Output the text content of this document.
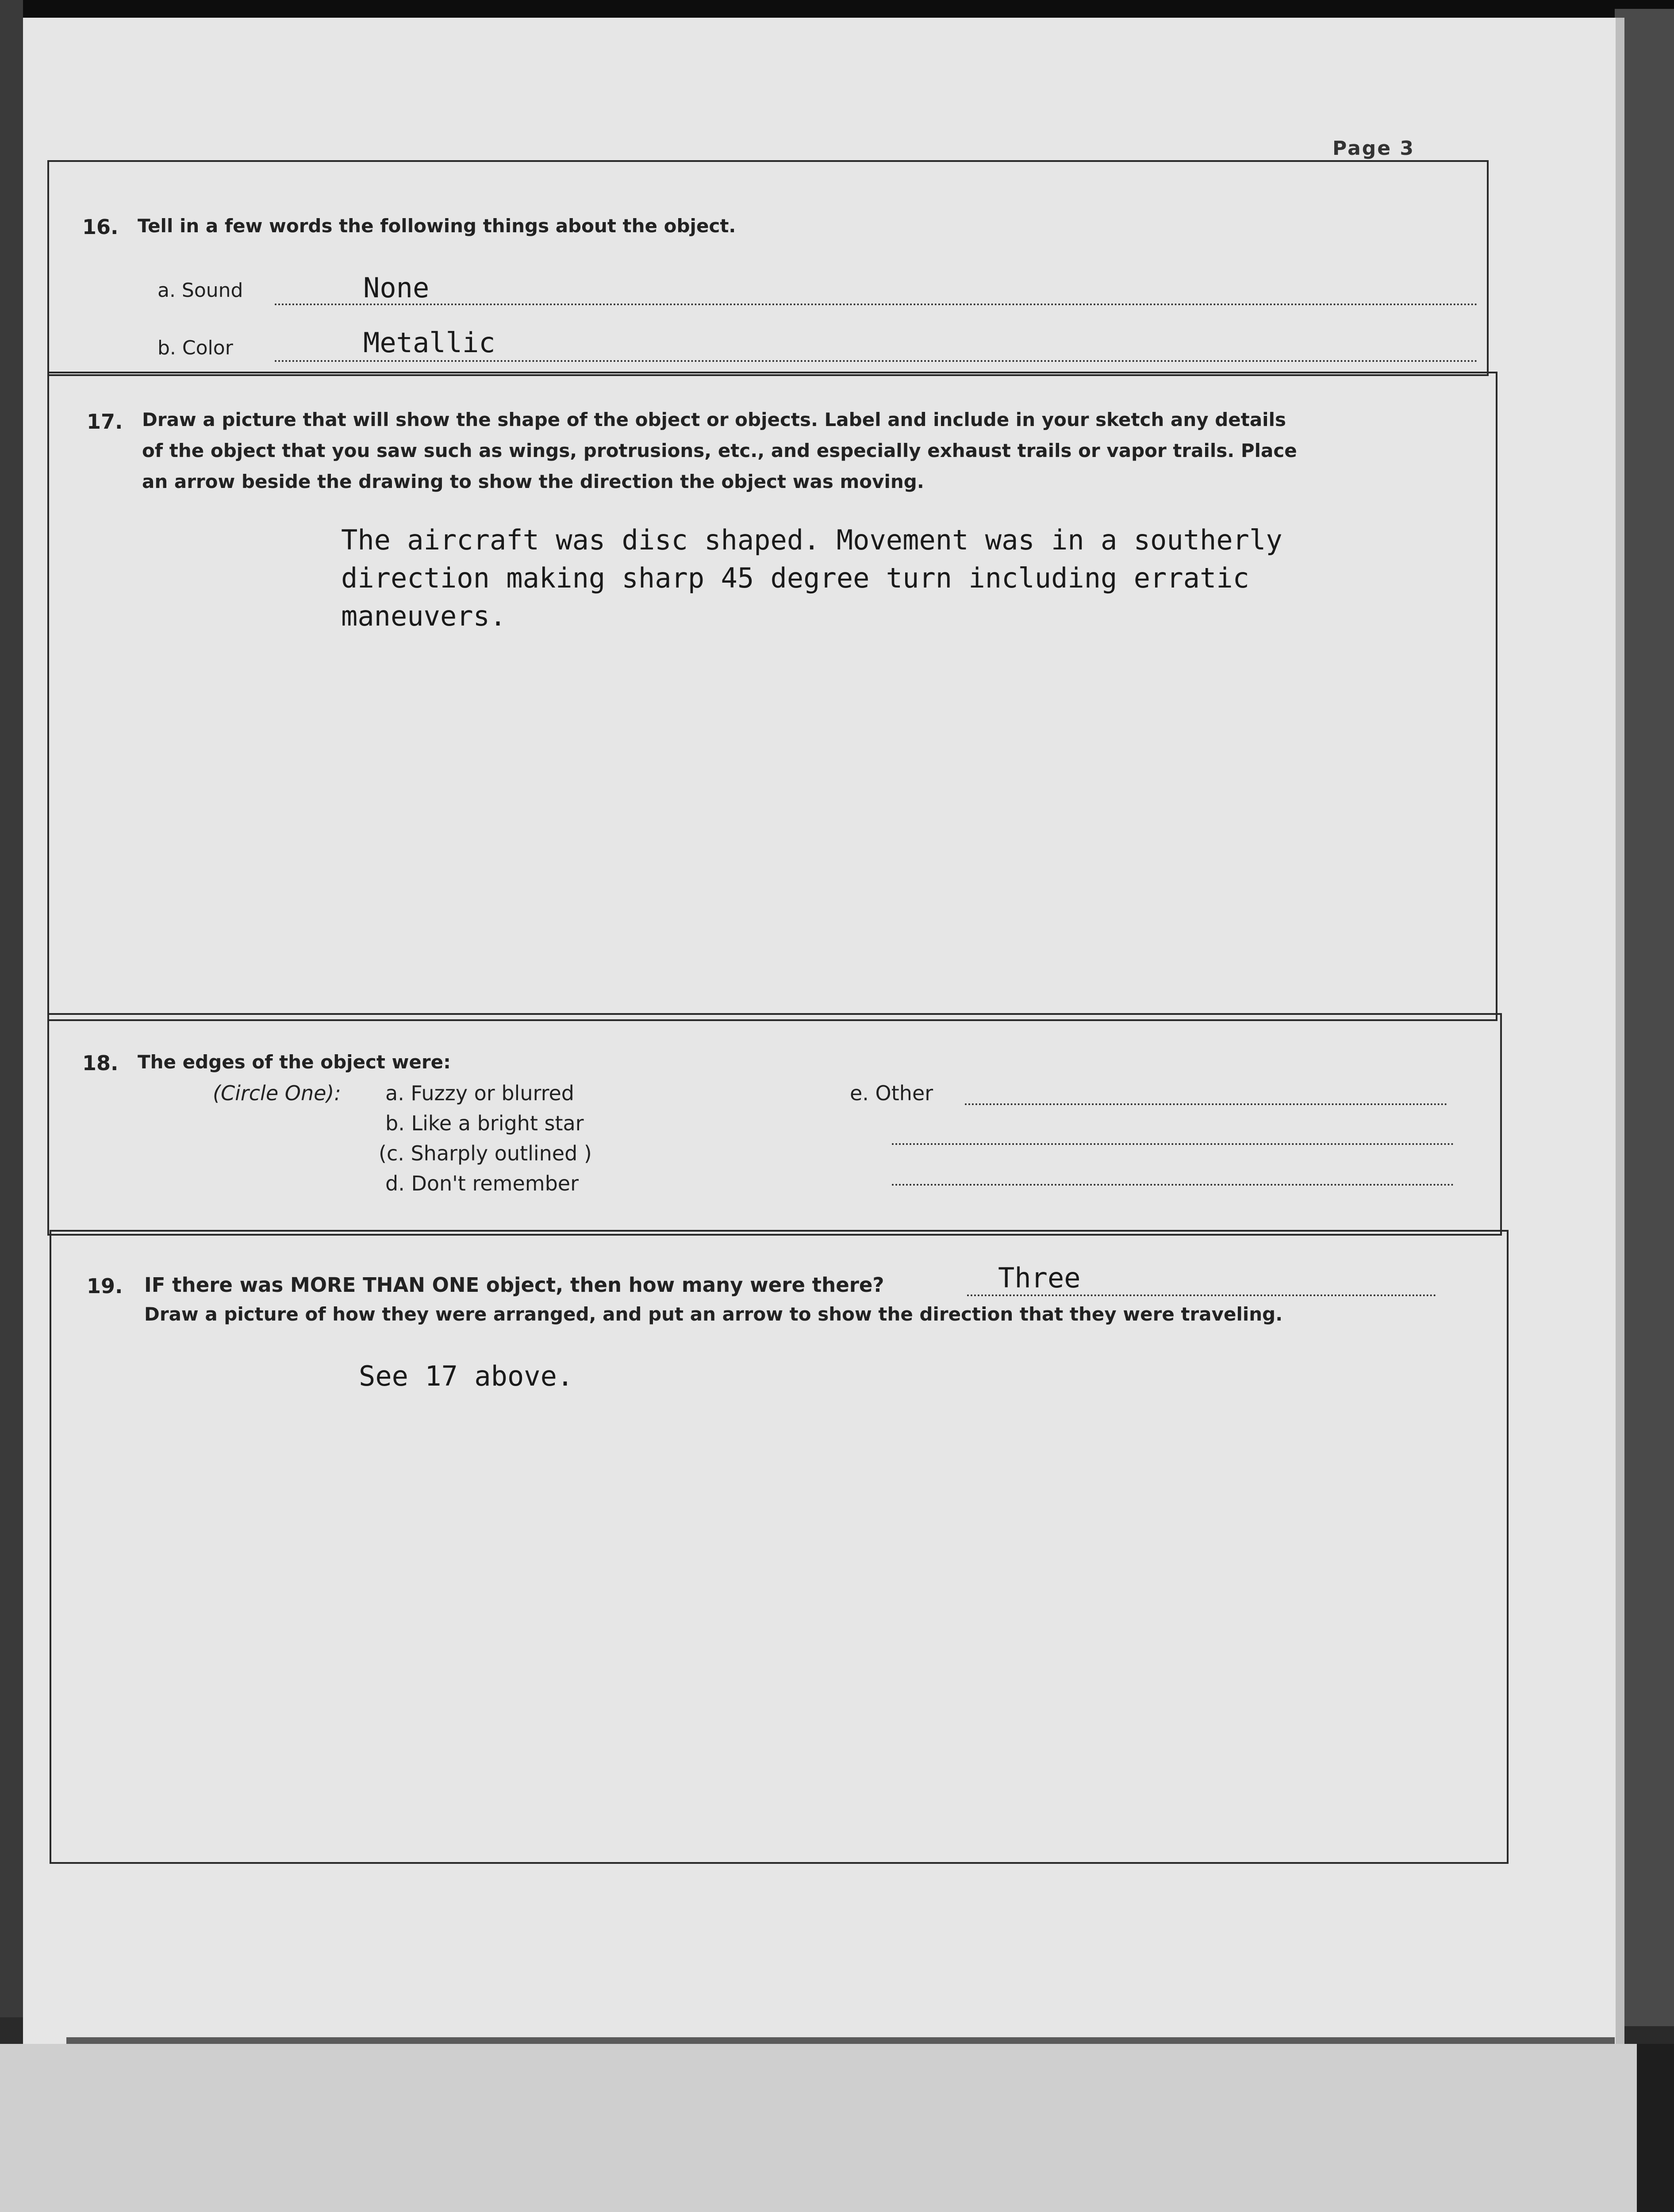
Page 3
16. Tell in a few words the following things about the object.
a. Sound	None
b. Color	Metallic
17. Draw a picture that will show the shape of the object or objects. Label and include in your sketch any details
of the object that you saw such as wings, protrusions, etc., and especially exhaust trails or vapor trails. Place
an arrow beside the drawing to show the direction the object was moving.
The aircraft was disc shaped. Movement was in a southerly
direction making sharp 45 degree turn including erratic
maneuvers.
18. The edges of the object were:
(Circle One): a. Fuzzy or blurred
b. Like a bright star
(c. Sharply outlined )
d. Don't remember
e. Other
19. IF there was MORE THAN ONE object, then how many were there?	Three
Draw a picture of how they were arranged, and put an arrow to show the direction that they were traveling.
See 17 above.
